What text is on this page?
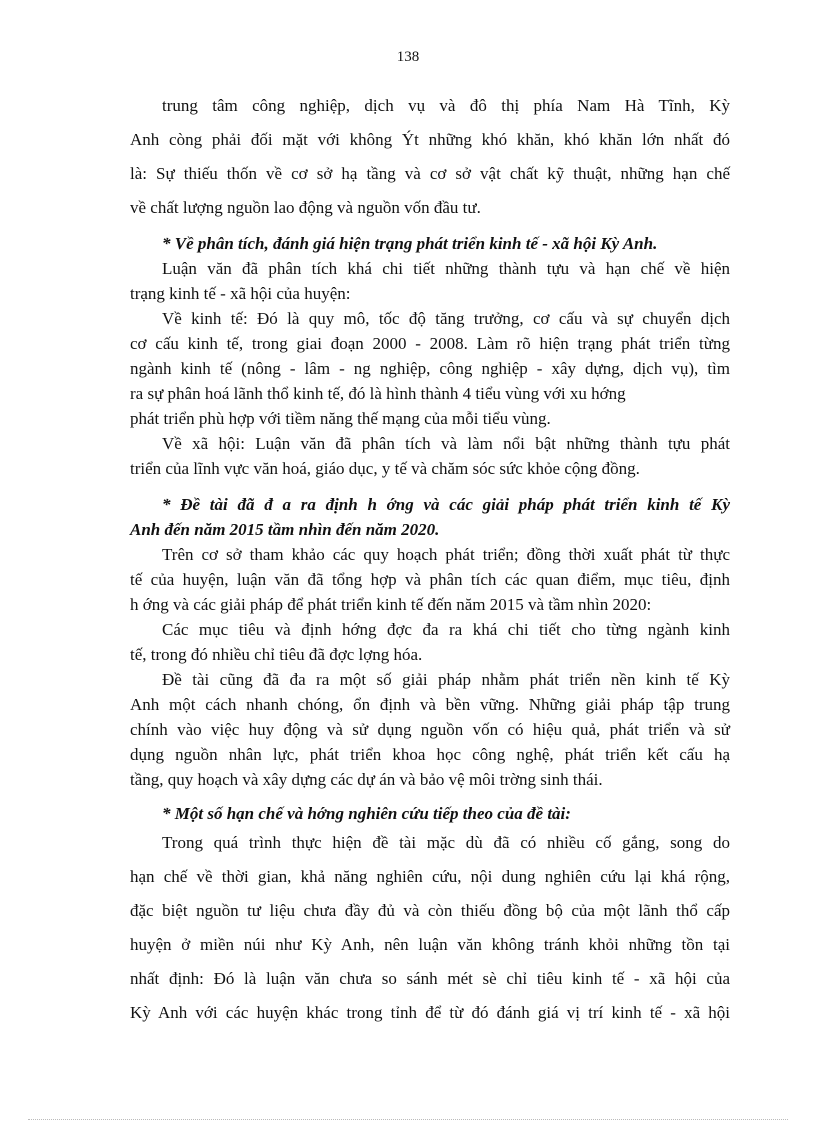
138
trung tâm công nghiệp, dịch vụ và đô thị phía Nam Hà Tĩnh, Kỳ
Anh còng phải đối mặt với không Ýt những khó khăn, khó khăn lớn nhất đó
là: Sự thiếu thốn về cơ sở hạ tầng và cơ sở vật chất kỹ thuật, những hạn chế
về chất lượng nguồn lao động và nguồn vốn đầu tư.
* Về phân tích, đánh giá hiện trạng phát triển kinh tế - xã hội Kỳ Anh.
Luận văn đã phân tích khá chi tiết những thành tựu và hạn chế về hiện
trạng kinh tế - xã hội của huyện:
Về kinh tế: Đó là quy mô, tốc độ tăng trưởng, cơ cấu và sự chuyển dịch
cơ cấu kinh tế, trong giai đoạn 2000 - 2008. Làm rõ hiện trạng phát triển từng
ngành kinh tế (nông - lâm - ng nghiệp, công nghiệp - xây dựng, dịch vụ), tìm
ra sự phân hoá lãnh thổ kinh tế, đó là hình thành 4 tiểu vùng với xu hớng
phát triển phù hợp với tiềm năng thế mạng của mỗi tiểu vùng.
Về xã hội: Luận văn đã phân tích và làm nổi bật những thành tựu phát
triển của lĩnh vực văn hoá, giáo dục, y tế và chăm sóc sức khỏe cộng đồng.
* Đề tài đã đ a ra định h ớng và các giải pháp phát triển kinh tế Kỳ
Anh đến năm 2015 tầm nhìn đến năm 2020.
Trên cơ sở tham khảo các quy hoạch phát triển; đồng thời xuất phát từ thực
tế của huyện, luận văn đã tổng hợp và phân tích các quan điểm, mục tiêu, định
h ớng và các giải pháp để phát triển kinh tế đến năm 2015 và tầm nhìn 2020:
Các mục tiêu và định hớng đợc đa ra khá chi tiết cho từng ngành kinh
tế, trong đó nhiều chỉ tiêu đã đợc lợng hóa.
Đề tài cũng đã đa ra một số giải pháp nhằm phát triển nền kinh tế Kỳ
Anh một cách nhanh chóng, ổn định và bền vững. Những giải pháp tập trung
chính vào việc huy động và sử dụng nguồn vốn có hiệu quả, phát triển và sử
dụng nguồn nhân lực, phát triển khoa học công nghệ, phát triển kết cấu hạ
tầng, quy hoạch và xây dựng các dự án và bảo vệ môi trờng sinh thái.
* Một số hạn chế và hớng nghiên cứu tiếp theo của đề tài:
Trong quá trình thực hiện đề tài mặc dù đã có nhiều cố gắng, song do
hạn chế về thời gian, khả năng nghiên cứu, nội dung nghiên cứu lại khá rộng,
đặc biệt nguồn tư liệu chưa đầy đủ và còn thiếu đồng bộ của một lãnh thổ cấp
huyện ở miền núi như Kỳ Anh, nên luận văn không tránh khỏi những tồn tại
nhất định: Đó là luận văn chưa so sánh mét sè chỉ tiêu kinh tế - xã hội của
Kỳ Anh với các huyện khác trong tỉnh để từ đó đánh giá vị trí kinh tế - xã hội
